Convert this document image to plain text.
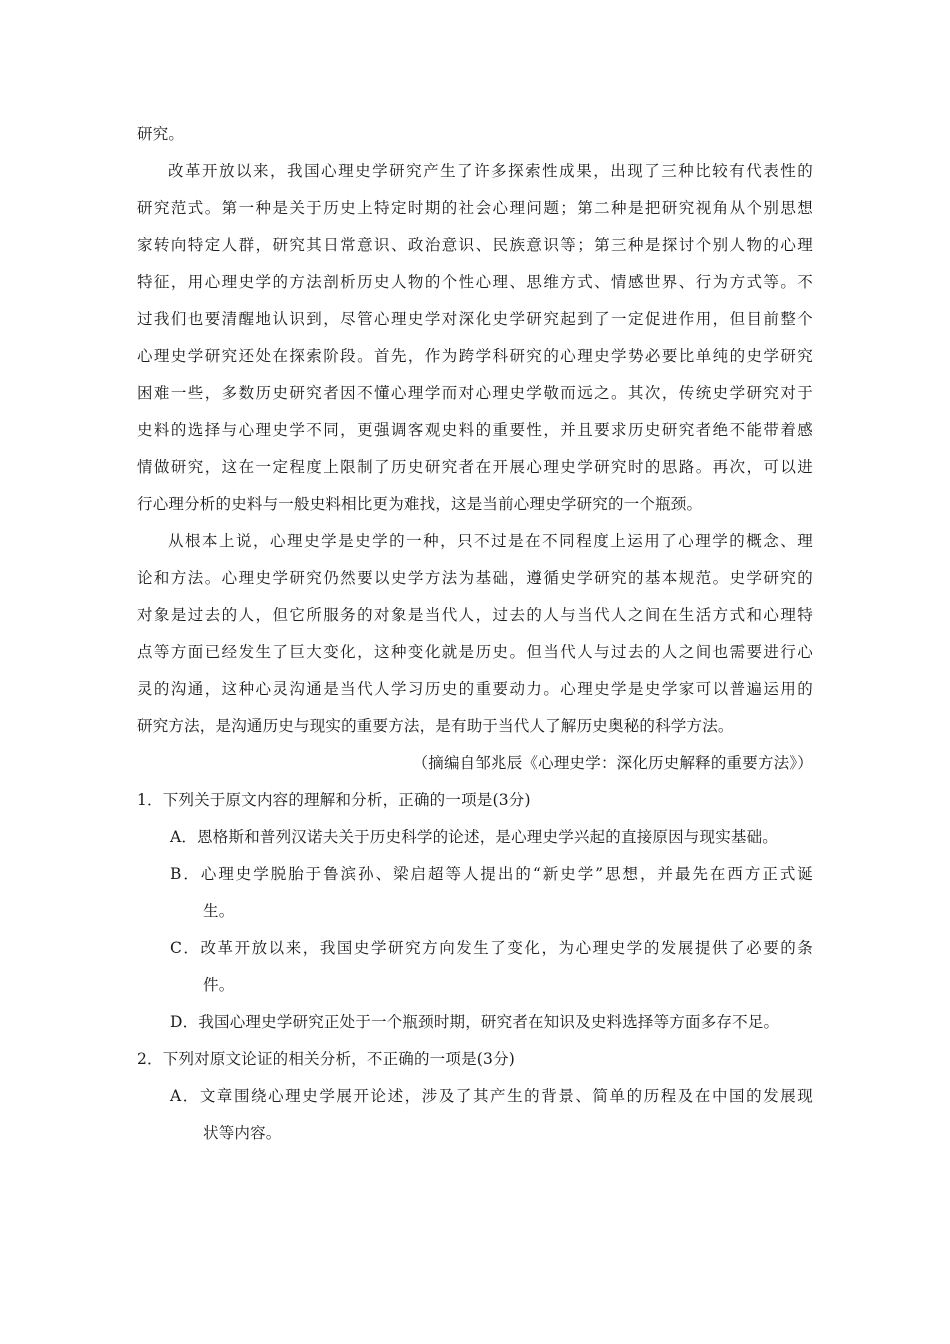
研究。
改革开放以来，我国心理史学研究产生了许多探索性成果，出现了三种比较有代表性的
研究范式。第一种是关于历史上特定时期的社会心理问题；第二种是把研究视角从个别思想
家转向特定人群，研究其日常意识、政治意识、民族意识等；第三种是探讨个别人物的心理
特征，用心理史学的方法剖析历史人物的个性心理、思维方式、情感世界、行为方式等。不
过我们也要清醒地认识到，尽管心理史学对深化史学研究起到了一定促进作用，但目前整个
心理史学研究还处在探索阶段。首先，作为跨学科研究的心理史学势必要比单纯的史学研究
困难一些，多数历史研究者因不懂心理学而对心理史学敬而远之。其次，传统史学研究对于
史料的选择与心理史学不同，更强调客观史料的重要性，并且要求历史研究者绝不能带着感
情做研究，这在一定程度上限制了历史研究者在开展心理史学研究时的思路。再次，可以进
行心理分析的史料与一般史料相比更为难找，这是当前心理史学研究的一个瓶颈。
从根本上说，心理史学是史学的一种，只不过是在不同程度上运用了心理学的概念、理
论和方法。心理史学研究仍然要以史学方法为基础，遵循史学研究的基本规范。史学研究的
对象是过去的人，但它所服务的对象是当代人，过去的人与当代人之间在生活方式和心理特
点等方面已经发生了巨大变化，这种变化就是历史。但当代人与过去的人之间也需要进行心
灵的沟通，这种心灵沟通是当代人学习历史的重要动力。心理史学是史学家可以普遍运用的
研究方法，是沟通历史与现实的重要方法，是有助于当代人了解历史奥秘的科学方法。
（摘编自邹兆辰《心理史学：深化历史解释的重要方法》）
1．下列关于原文内容的理解和分析，正确的一项是(3分)
A．恩格斯和普列汉诺夫关于历史科学的论述，是心理史学兴起的直接原因与现实基础。
B．心理史学脱胎于鲁滨孙、梁启超等人提出的“新史学”思想，并最先在西方正式诞
生。
C．改革开放以来，我国史学研究方向发生了变化，为心理史学的发展提供了必要的条
件。
D．我国心理史学研究正处于一个瓶颈时期，研究者在知识及史料选择等方面多存不足。
2．下列对原文论证的相关分析，不正确的一项是(3分)
A．文章围绕心理史学展开论述，涉及了其产生的背景、简单的历程及在中国的发展现
状等内容。
